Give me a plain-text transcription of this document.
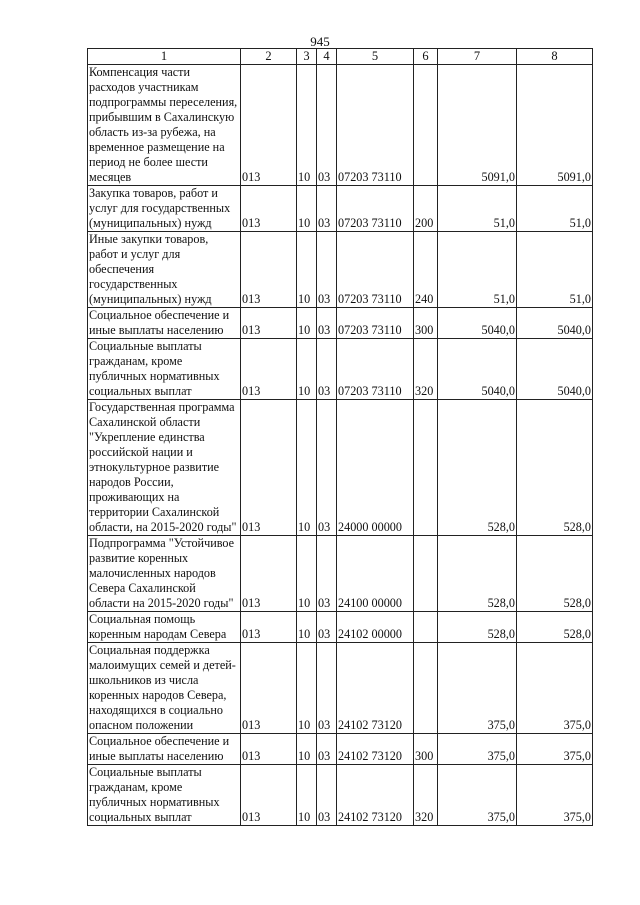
945
1	2	3	4	5	6	7	8
Компенсация части расходов участникам подпрограммы переселения, прибывшим в Сахалинскую область из-за рубежа, на временное размещение на период не более шести месяцев	013	10	03	07203 73110		5091,0	5091,0
Закупка товаров, работ и услуг для государственных (муниципальных) нужд	013	10	03	07203 73110	200	51,0	51,0
Иные закупки товаров, работ и услуг для обеспечения государственных (муниципальных) нужд	013	10	03	07203 73110	240	51,0	51,0
Социальное обеспечение и иные выплаты населению	013	10	03	07203 73110	300	5040,0	5040,0
Социальные выплаты гражданам, кроме публичных нормативных социальных выплат	013	10	03	07203 73110	320	5040,0	5040,0
Государственная программа Сахалинской области "Укрепление единства российской нации и этнокультурное развитие народов России, проживающих на территории Сахалинской области, на 2015-2020 годы"	013	10	03	24000 00000		528,0	528,0
Подпрограмма "Устойчивое развитие коренных малочисленных народов Севера Сахалинской области на 2015-2020 годы"	013	10	03	24100 00000		528,0	528,0
Социальная помощь коренным народам Севера	013	10	03	24102 00000		528,0	528,0
Социальная поддержка малоимущих семей и детей-школьников из числа коренных народов Севера, находящихся в социально опасном положении	013	10	03	24102 73120		375,0	375,0
Социальное обеспечение и иные выплаты населению	013	10	03	24102 73120	300	375,0	375,0
Социальные выплаты гражданам, кроме публичных нормативных социальных выплат	013	10	03	24102 73120	320	375,0	375,0
